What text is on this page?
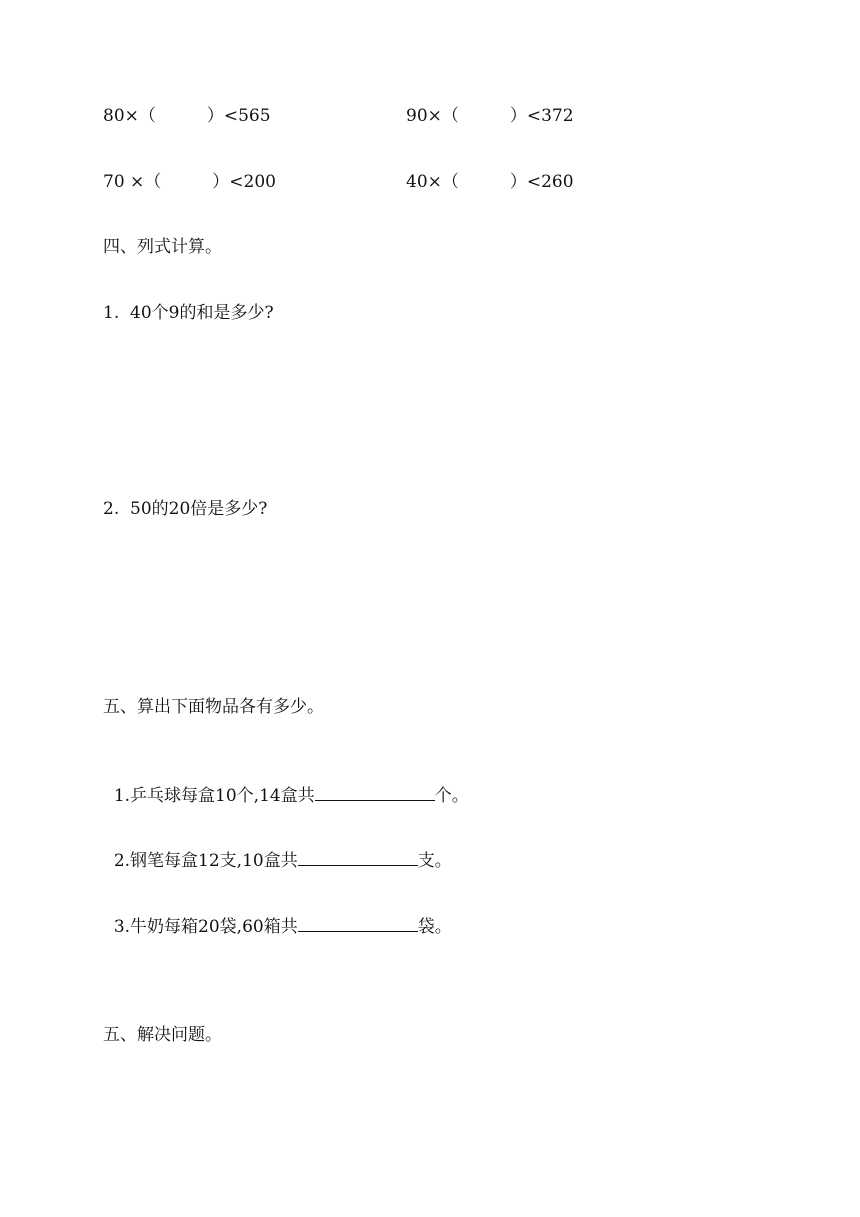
80×（　　　）<565	90×（　　　）<372
70 ×（　　　）<200	40×（　　　）<260
四、列式计算。
1.  40个9的和是多少?
2.  50的20倍是多少?
五、算出下面物品各有多少。

1.乒乓球每盒10个,14盒共	个。

2.钢笔每盒12支,10盒共	支。

3.牛奶每箱20袋,60箱共	袋。

五、解决问题。
